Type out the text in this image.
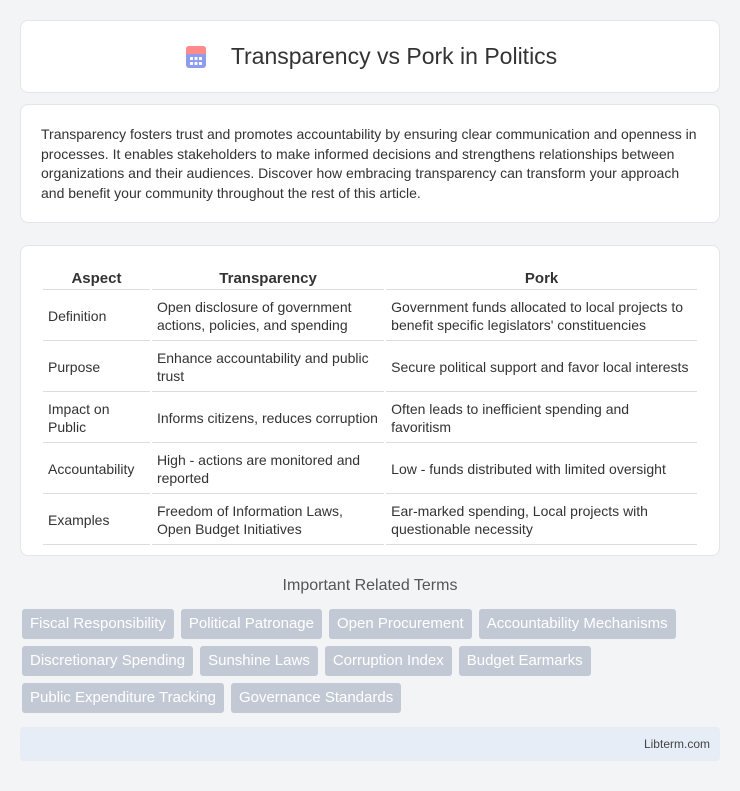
Transparency vs Pork in Politics

Transparency fosters trust and promotes accountability by ensuring clear communication and openness in processes. It enables stakeholders to make informed decisions and strengthens relationships between organizations and their audiences. Discover how embracing transparency can transform your approach and benefit your community throughout the rest of this article.

Aspect	Transparency	Pork
Definition	Open disclosure of government actions, policies, and spending	Government funds allocated to local projects to benefit specific legislators' constituencies
Purpose	Enhance accountability and public trust	Secure political support and favor local interests
Impact on Public	Informs citizens, reduces corruption	Often leads to inefficient spending and favoritism
Accountability	High - actions are monitored and reported	Low - funds distributed with limited oversight
Examples	Freedom of Information Laws, Open Budget Initiatives	Ear-marked spending, Local projects with questionable necessity
Important Related Terms
Fiscal Responsibility	Political Patronage	Open Procurement	Accountability Mechanisms
Discretionary Spending	Sunshine Laws	Corruption Index	Budget Earmarks
Public Expenditure Tracking	Governance Standards
Libterm.com
